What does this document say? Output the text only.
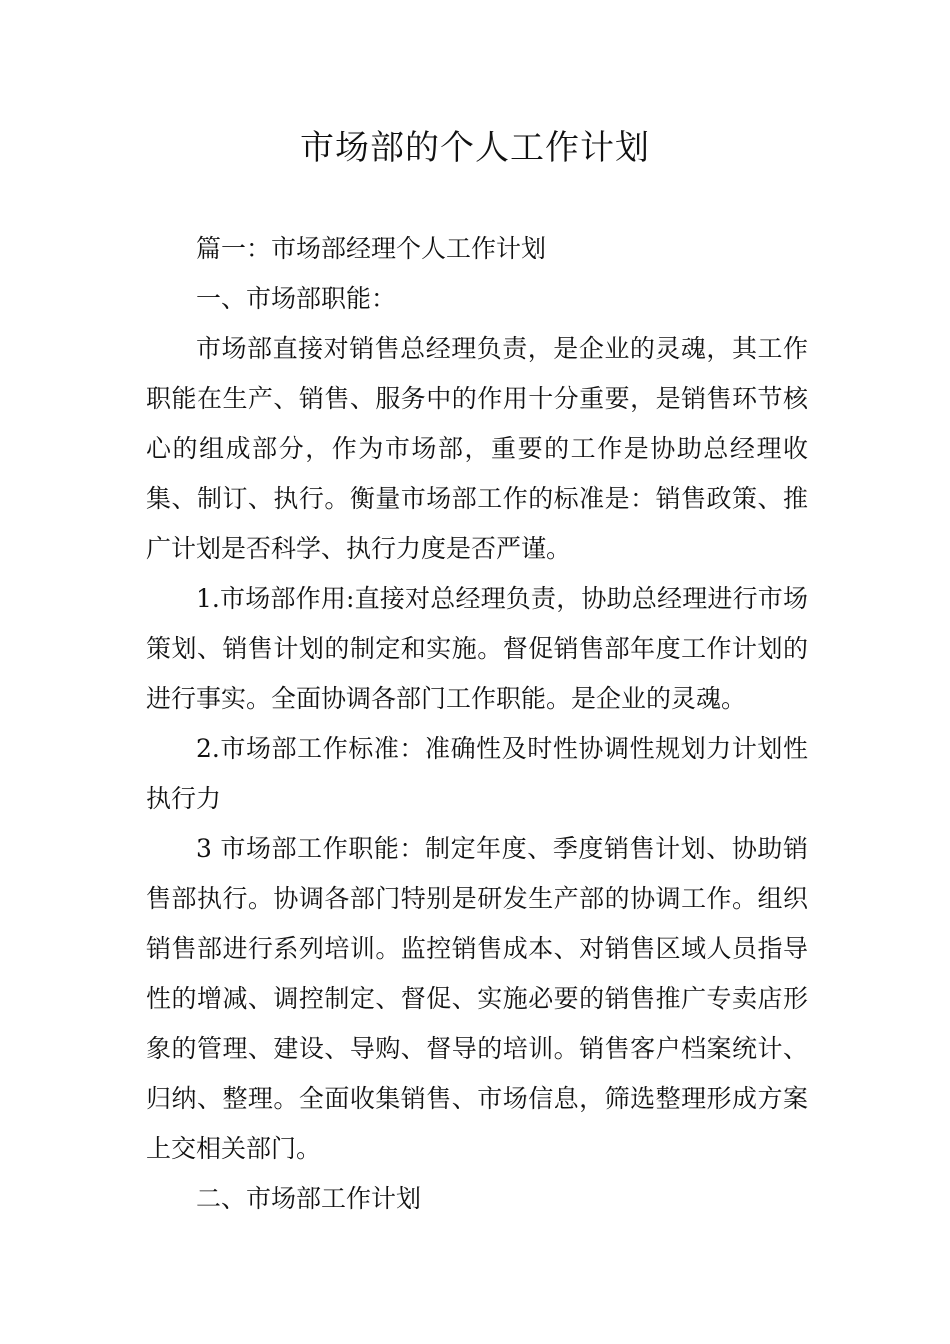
市场部的个人工作计划

篇一：市场部经理个人工作计划

一、市场部职能：

市场部直接对销售总经理负责，是企业的灵魂，其工作职能在生产、销售、服务中的作用十分重要，是销售环节核心的组成部分，作为市场部，重要的工作是协助总经理收集、制订、执行。衡量市场部工作的标准是：销售政策、推广计划是否科学、执行力度是否严谨。

1.市场部作用:直接对总经理负责，协助总经理进行市场策划、销售计划的制定和实施。督促销售部年度工作计划的进行事实。全面协调各部门工作职能。是企业的灵魂。

2.市场部工作标准：准确性及时性协调性规划力计划性执行力

3 市场部工作职能：制定年度、季度销售计划、协助销售部执行。协调各部门特别是研发生产部的协调工作。组织销售部进行系列培训。监控销售成本、对销售区域人员指导性的增减、调控制定、督促、实施必要的销售推广专卖店形象的管理、建设、导购、督导的培训。销售客户档案统计、归纳、整理。全面收集销售、市场信息，筛选整理形成方案上交相关部门。

二、市场部工作计划
